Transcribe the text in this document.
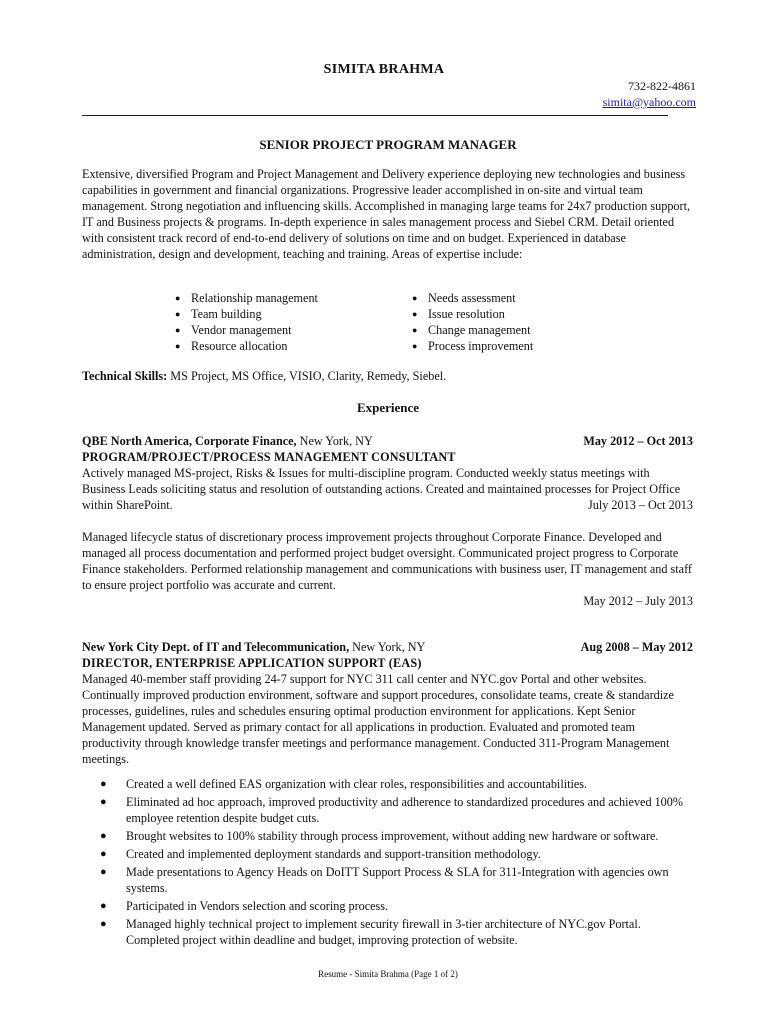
SIMITA BRAHMA
732-822-4861
simita@yahoo.com
SENIOR PROJECT PROGRAM MANAGER
Extensive, diversified Program and Project Management and Delivery experience deploying new technologies and business capabilities in government and financial organizations. Progressive leader accomplished in on-site and virtual team management. Strong negotiation and influencing skills. Accomplished in managing large teams for 24x7 production support, IT and Business projects & programs. In-depth experience in sales management process and Siebel CRM. Detail oriented with consistent track record of end-to-end delivery of solutions on time and on budget. Experienced in database administration, design and development, teaching and training. Areas of expertise include:
● Relationship management	● Needs assessment
● Team building	● Issue resolution
● Vendor management	● Change management
● Resource allocation	● Process improvement
Technical Skills: MS Project, MS Office, VISIO, Clarity, Remedy, Siebel.
Experience
QBE North America, Corporate Finance, New York, NY	May 2012 – Oct 2013
PROGRAM/PROJECT/PROCESS MANAGEMENT CONSULTANT
Actively managed MS-project, Risks & Issues for multi-discipline program. Conducted weekly status meetings with Business Leads soliciting status and resolution of outstanding actions. Created and maintained processes for Project Office within SharePoint.	July 2013 – Oct 2013
Managed lifecycle status of discretionary process improvement projects throughout Corporate Finance. Developed and managed all process documentation and performed project budget oversight. Communicated project progress to Corporate Finance stakeholders. Performed relationship management and communications with business user, IT management and staff to ensure project portfolio was accurate and current.
May 2012 – July 2013
New York City Dept. of IT and Telecommunication, New York, NY	Aug 2008 – May 2012
DIRECTOR, ENTERPRISE APPLICATION SUPPORT (EAS)
Managed 40-member staff providing 24-7 support for NYC 311 call center and NYC.gov Portal and other websites. Continually improved production environment, software and support procedures, consolidate teams, create & standardize processes, guidelines, rules and schedules ensuring optimal production environment for applications. Kept Senior Management updated. Served as primary contact for all applications in production. Evaluated and promoted team productivity through knowledge transfer meetings and performance management. Conducted 311-Program Management meetings.
●	Created a well defined EAS organization with clear roles, responsibilities and accountabilities.
●	Eliminated ad hoc approach, improved productivity and adherence to standardized procedures and achieved 100% employee retention despite budget cuts.
●	Brought websites to 100% stability through process improvement, without adding new hardware or software.
●	Created and implemented deployment standards and support-transition methodology.
●	Made presentations to Agency Heads on DoITT Support Process & SLA for 311-Integration with agencies own systems.
●	Participated in Vendors selection and scoring process.
●	Managed highly technical project to implement security firewall in 3-tier architecture of NYC.gov Portal. Completed project within deadline and budget, improving protection of website.
Resume - Simita Brahma (Page 1 of 2)
